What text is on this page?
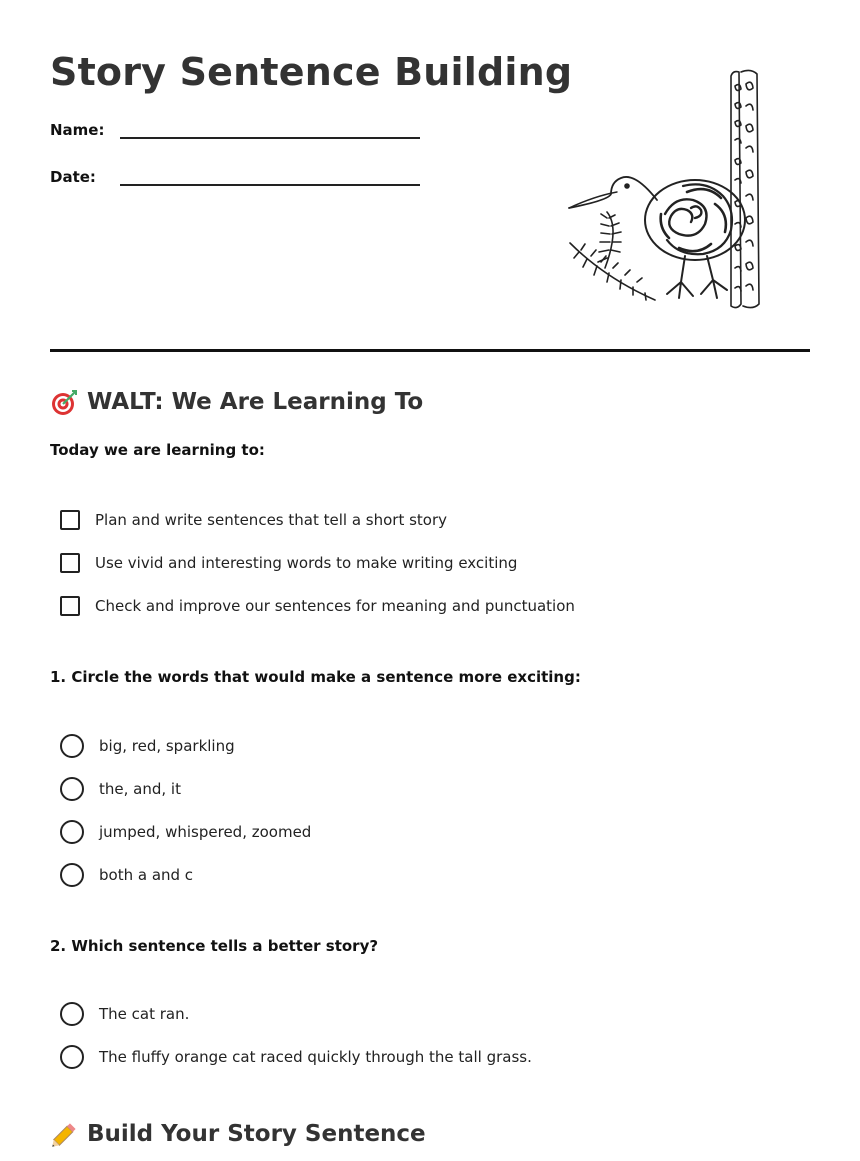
Story Sentence Building
Name:
Date:
WALT: We Are Learning To
Today we are learning to:
Plan and write sentences that tell a short story
Use vivid and interesting words to make writing exciting
Check and improve our sentences for meaning and punctuation
1. Circle the words that would make a sentence more exciting:
big, red, sparkling
the, and, it
jumped, whispered, zoomed
both a and c
2. Which sentence tells a better story?
The cat ran.
The fluffy orange cat raced quickly through the tall grass.
Build Your Story Sentence
